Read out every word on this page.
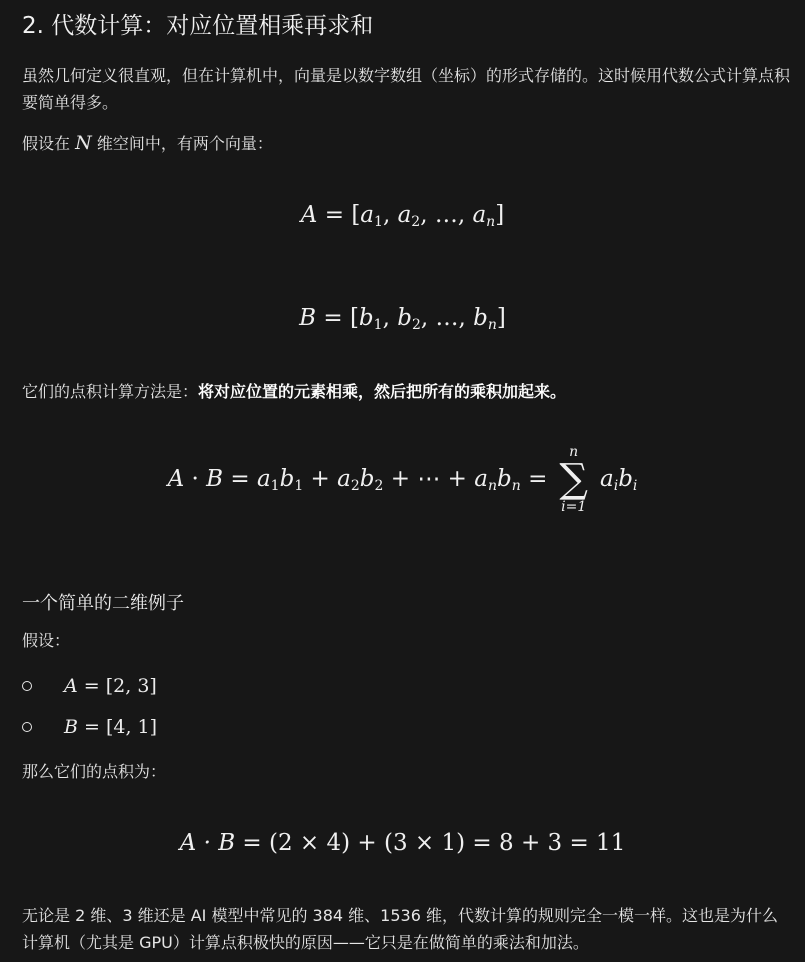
2. 代数计算：对应位置相乘再求和
虽然几何定义很直观，但在计算机中，向量是以数字数组（坐标）的形式存储的。这时候用代数公式计算点积要简单得多。
假设在 N 维空间中，有两个向量：
$A = [a_1$, $a_2$, …, $a_n$]
$B = [b_1$, $b_2$, …, $b_n$]
它们的点积计算方法是：将对应位置的元素相乘，然后把所有的乘积加起来。
$A \cdot B = a_1b_1 + a_2b_2$ + ⋯ + $a_nb_n$ =
n
∑
i=1
$a_ib_i$
一个简单的二维例子
假设：
A = [2, 3]
B = [4, 1]
那么它们的点积为：
A · B = (2 × 4) + (3 × 1) = 8 + 3 = 11
无论是 2 维、3 维还是 AI 模型中常见的 384 维、1536 维，代数计算的规则完全一模一样。这也是为什么计算机（尤其是 GPU）计算点积极快的原因——它只是在做简单的乘法和加法。
